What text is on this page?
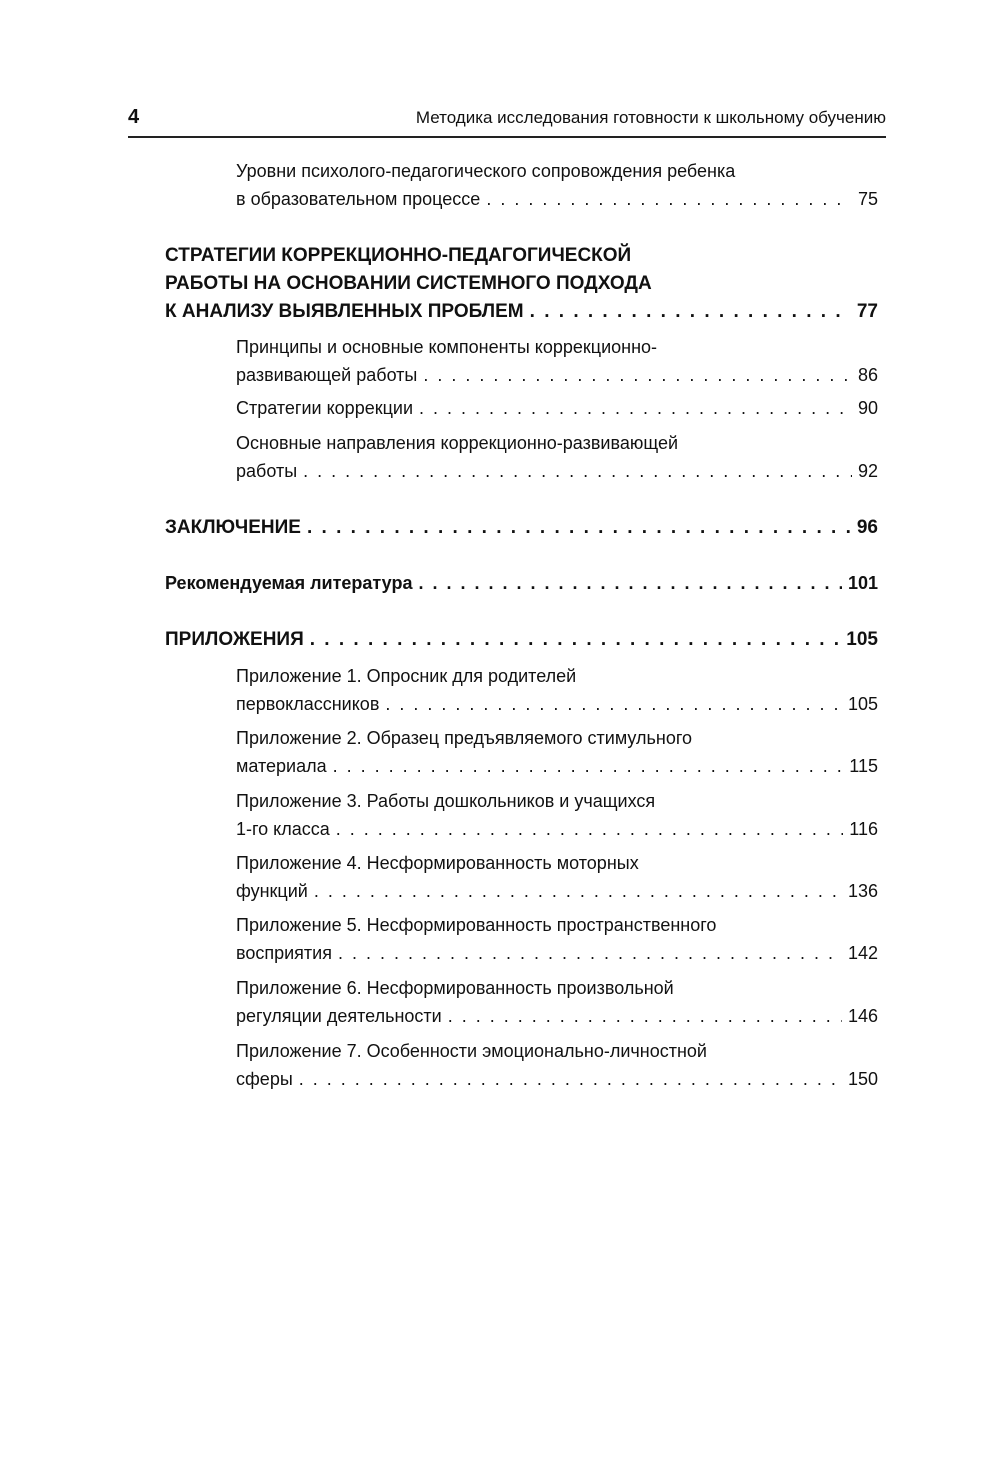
4	Методика исследования готовности к школьному обучению
Уровни психолого-педагогического сопровождения ребенка
в образовательном процессе . . .	75
СТРАТЕГИИ КОРРЕКЦИОННО-ПЕДАГОГИЧЕСКОЙ
РАБОТЫ НА ОСНОВАНИИ СИСТЕМНОГО ПОДХОДА
К АНАЛИЗУ ВЫЯВЛЕННЫХ ПРОБЛЕМ . . .	77
Принципы и основные компоненты коррекционно-
развивающей работы . . .	86
Стратегии коррекции . . .	90
Основные направления коррекционно-развивающей
работы . . .	92
ЗАКЛЮЧЕНИЕ . . .	96
Рекомендуемая литература . . .	101
ПРИЛОЖЕНИЯ . . .	105
Приложение 1. Опросник для родителей
первоклассников . . .	105
Приложение 2. Образец предъявляемого стимульного
материала . . .	115
Приложение 3. Работы дошкольников и учащихся
1-го класса . . .	116
Приложение 4. Несформированность моторных
функций . . .	136
Приложение 5. Несформированность пространственного
восприятия . . .	142
Приложение 6. Несформированность произвольной
регуляции деятельности . . .	146
Приложение 7. Особенности эмоционально-личностной
сферы . . .	150
